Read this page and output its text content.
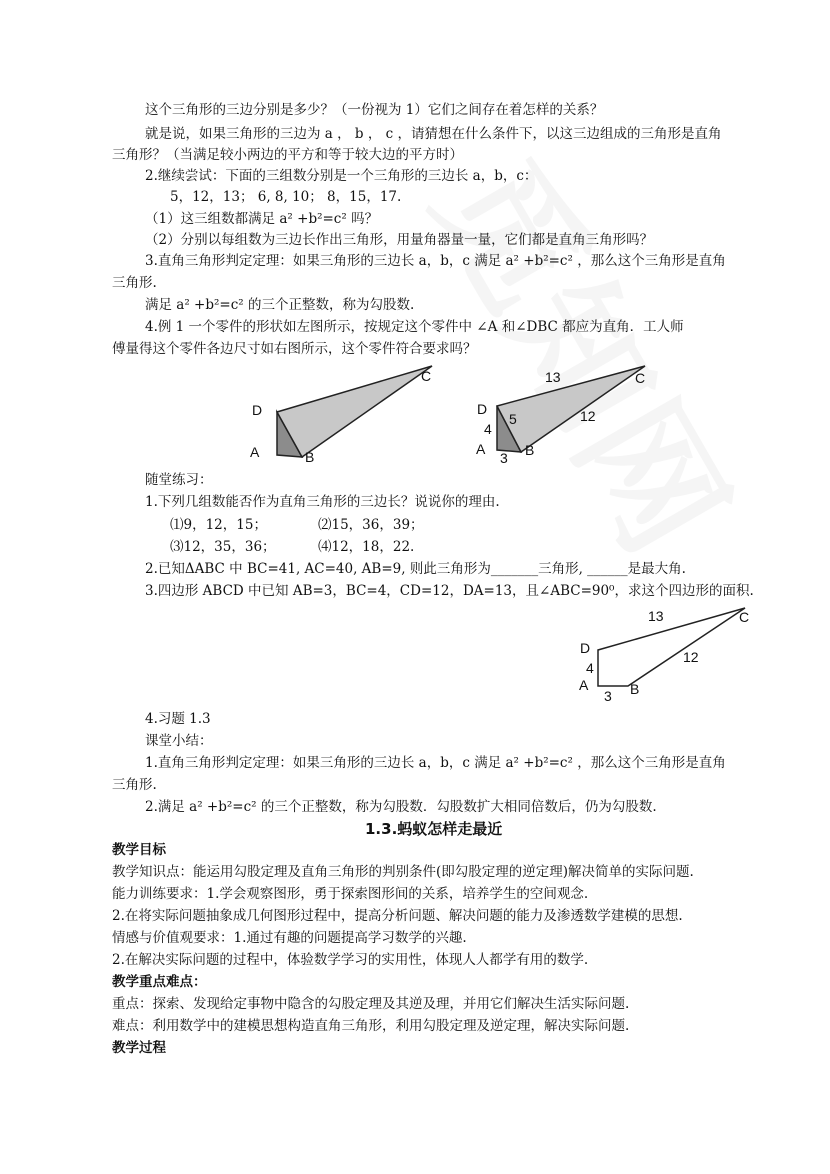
这个三角形的三边分别是多少？（一份视为 1）它们之间存在着怎样的关系？
就是说，如果三角形的三边为 a ， b ， c ，请猜想在什么条件下，以这三边组成的三角形是直角
三角形？（当满足较小两边的平方和等于较大边的平方时）
2.继续尝试：下面的三组数分别是一个三角形的三边长 a，b，c：
5，12，13； 6, 8, 10； 8，15，17.
（1）这三组数都满足 a² +b²=c² 吗？
（2）分别以每组数为三边长作出三角形，用量角器量一量，它们都是直角三角形吗？
3.直角三角形判定定理：如果三角形的三边长 a，b，c 满足 a² +b²=c² ，那么这个三角形是直角
三角形.
满足 a² +b²=c² 的三个正整数，称为勾股数.
4.例 1 一个零件的形状如左图所示，按规定这个零件中 ∠A 和∠DBC 都应为直角．工人师
傅量得这个零件各边尺寸如右图所示，这个零件符合要求吗？
D
A	B
C
D
A	B
C
3
4
5
13
12
D
A	B
C
3
4
12
13
随堂练习：
1.下列几组数能否作为直角三角形的三边长？说说你的理由.
⑴9，12，15；	⑵15，36，39；
⑶12，35，36；	⑷12，18，22.
2.已知ΔABC 中 BC=41, AC=40, AB=9, 则此三角形为_______三角形, ______是最大角.
3.四边形 ABCD 中已知 AB=3，BC=4，CD=12，DA=13，且∠ABC=90⁰，求这个四边形的面积.
4.习题 1.3
课堂小结：
1.直角三角形判定定理：如果三角形的三边长 a，b，c 满足 a² +b²=c² ，那么这个三角形是直角
三角形.
2.满足 a² +b²=c² 的三个正整数，称为勾股数．勾股数扩大相同倍数后，仍为勾股数.
1.3.蚂蚁怎样走最近
教学目标
教学知识点：能运用勾股定理及直角三角形的判别条件(即勾股定理的逆定理)解决简单的实际问题.
能力训练要求：1.学会观察图形，勇于探索图形间的关系，培养学生的空间观念.
2.在将实际问题抽象成几何图形过程中，提高分析问题、解决问题的能力及渗透数学建模的思想.
情感与价值观要求：1.通过有趣的问题提高学习数学的兴趣.
2.在解决实际问题的过程中，体验数学学习的实用性，体现人人都学有用的数学.
教学重点难点：
重点：探索、发现给定事物中隐含的勾股定理及其逆及理，并用它们解决生活实际问题.
难点：利用数学中的建模思想构造直角三角形，利用勾股定理及逆定理，解决实际问题.
教学过程
